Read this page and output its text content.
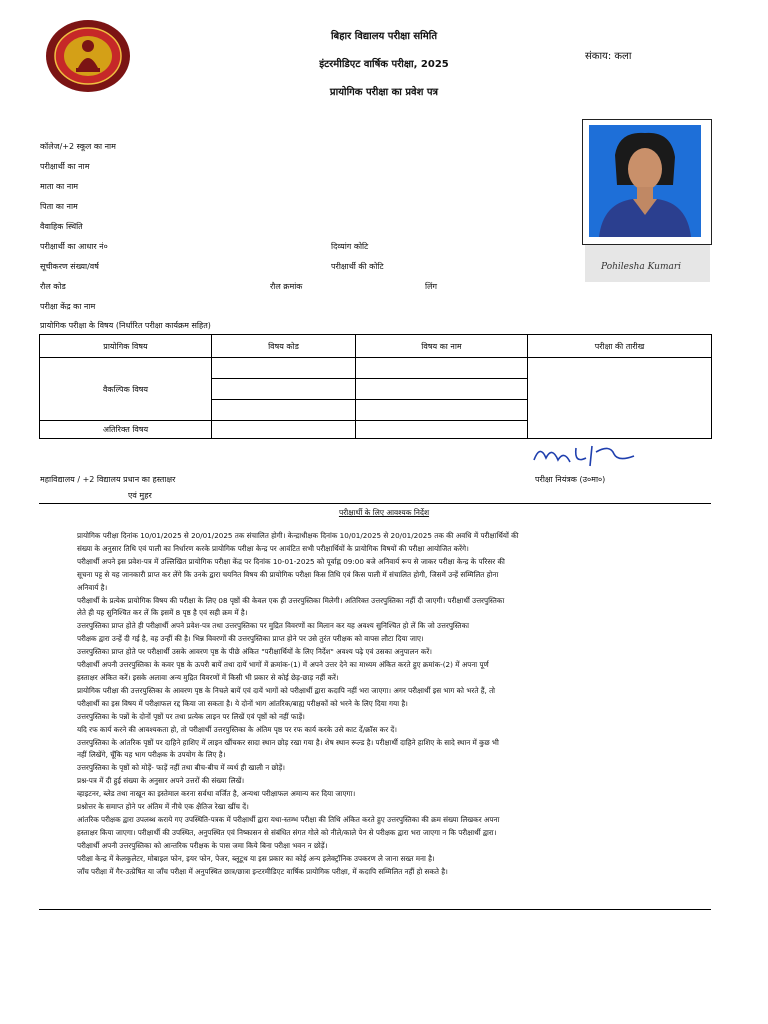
बिहार विद्यालय परीक्षा समिति
इंटरमीडिएट वार्षिक परीक्षा, 2025
प्रायोगिक परीक्षा का प्रवेश पत्र
संकाय: कला
Pohilesha Kumari
कॉलेज/+2 स्कूल का नाम
परीक्षार्थी का नाम
माता का नाम
पिता का नाम
वैवाहिक स्थिति
परीक्षार्थी का आधार नं०	दिव्यांग कोटि
सूचीकरण संख्या/वर्ष	परीक्षार्थी की कोटि
रौल कोड	रौल क्रमांक	लिंग
परीक्षा केंद्र का नाम
प्रायोगिक परीक्षा के विषय (निर्धारित परीक्षा कार्यक्रम सहित)
प्रायोगिक विषय	विषय कोड	विषय का नाम	परीक्षा की तारीख
वैकल्पिक विषय			

अतिरिक्त विषय			
महाविद्यालय / +2 विद्यालय प्रधान का हस्ताक्षर
एवं मुहर
मनोज कुमार
परीक्षा नियंत्रक (उ०मा०)
परीक्षार्थी के लिए आवश्यक निर्देश

प्रायोगिक परीक्षा दिनांक 10/01/2025 से 20/01/2025 तक संचालित होगी। केन्द्राधीक्षक दिनांक 10/01/2025 से 20/01/2025 तक की अवधि में परीक्षार्थियों की

संख्या के अनुसार तिथि एवं पाली का निर्धारण करके प्रायोगिक परीक्षा केन्द्र पर आवंटित सभी परीक्षार्थियों के प्रायोगिक विषयों की परीक्षा आयोजित करेंगे।

परीक्षार्थी अपने इस प्रवेश-पत्र में उल्लिखित प्रायोगिक परीक्षा केंद्र पर दिनांक 10-01-2025 को पूर्वाह्न 09:00 बजे अनिवार्य रूप से जाकर परीक्षा केन्द्र के परिसर की

सूचना पट्ट से यह जानकारी प्राप्त कर लेंगे कि उनके द्वारा चयनित विषय की प्रायोगिक परीक्षा किस तिथि एवं किस पाली में संचालित होगी, जिसमें उन्हें सम्मिलित होना

अनिवार्य है।

परीक्षार्थी के प्रत्येक प्रायोगिक विषय की परीक्षा के लिए 08 पृष्ठों की केवल एक ही उत्तरपुस्तिका मिलेगी। अतिरिक्त उत्तरपुस्तिका नहीं दी जाएगी। परीक्षार्थी उत्तरपुस्तिका

लेते ही यह सुनिश्चित कर लें कि इसमें 8 पृष्ठ है एवं सही क्रम में है।

उत्तरपुस्तिका प्राप्त होते ही परीक्षार्थी अपने प्रवेश-पत्र तथा उत्तरपुस्तिका पर मुद्रित विवरणों का मिलान कर यह अवश्य सुनिश्चित हो लें कि जो उत्तरपुस्तिका

परीक्षक द्वारा उन्हें दी गई है, वह उन्हीं की है। भिन्न विवरणों की उत्तरपुस्तिका प्राप्त होने पर उसे तुरंत परीक्षक को वापस लौटा दिया जाए।

उत्तरपुस्तिका प्राप्त होते पर परीक्षार्थी उसके आवरण पृष्ठ के पीछे अंकित "परीक्षार्थियों के लिए निर्देश" अवश्य पढ़े एवं उसका अनुपालन करें।

परीक्षार्थी अपनी उत्तरपुस्तिका के कवर पृष्ठ के ऊपरी बायें तथा दायें भागों में क्रमांक-(1) में अपने उत्तर देने का माध्यम अंकित करते हुए क्रमांक-(2) में अपना पूर्ण

हस्ताक्षर अंकित करें। इसके अलावा अन्य मुद्रित विवरणों में किसी भी प्रकार से कोई छेड़-छाड़ नहीं करें।

प्रायोगिक परीक्षा की उत्तरपुस्तिका के आवरण पृष्ठ के निचले बायें एवं दायें भागों को परीक्षार्थी द्वारा कदापि नहीं भरा जाएगा। अगर परीक्षार्थी इस भाग को भरते हैं, तो

परीक्षार्थी का इस विषय में परीक्षाफल रद्द किया जा सकता है। ये दोनों भाग आंतरिक/बाह्य परीक्षकों को भरने के लिए दिया गया है।

उत्तरपुस्तिका के पन्नों के दोनों पृष्ठों पर तथा प्रत्येक लाइन पर लिखें एवं पृष्ठों को नहीं फाड़ें।

यदि रफ कार्य करने की आवश्यकता हो, तो परीक्षार्थी उत्तरपुस्तिका के अंतिम पृष्ठ पर रफ कार्य करके उसे काट दें/क्रॉस कर दें।

उत्तरपुस्तिका के आंतरिक पृष्ठों पर दाहिने हाशिए में लाइन खींचकर सादा स्थान छोड़ रखा गया है। शेष स्थान रूल्ड है। परीक्षार्थी दाहिने हाशिए के सादे स्थान में कुछ भी

नहीं लिखेंगे, चूँकि यह भाग परीक्षक के उपयोग के लिए है।

उत्तरपुस्तिका के पृष्ठों को मोड़ें- फाड़ें नहीं तथा बीच-बीच में व्यर्थ ही खाली न छोड़ें।

प्रश्न-पत्र में दी हुई संख्या के अनुसार अपने उत्तरों की संख्या लिखें।

व्हाइटनर, ब्लेड तथा नाखून का इस्तेमाल करना सर्वथा वर्जित है, अन्यथा परीक्षाफल अमान्य कर दिया जाएगा।

प्रश्नोत्तर के समाप्त होने पर अंतिम में नीचे एक क्षैतिज रेखा खींच दें।

आंतरिक परीक्षक द्वारा उपलब्ध कराये गए उपस्थिति-पत्रक में परीक्षार्थी द्वारा यथा-स्तम्भ परीक्षा की तिथि अंकित करते हुए उत्तरपुस्तिका की क्रम संख्या लिखकर अपना

हस्ताक्षर किया जाएगा। परीक्षार्थी की उपस्थित, अनुपस्थित एवं निष्कासन से संबंधित संगत गोले को नीले/काले पेन से परीक्षक द्वारा भरा जाएगा न कि परीक्षार्थी द्वारा।

परीक्षार्थी अपनी उत्तरपुस्तिका को आन्तरिक परीक्षक के पास जमा किये बिना परीक्षा भवन न छोड़ें।

परीक्षा केन्द्र में केलकुलेटर, मोबाइल फोन, इयर फोन, पेजर, ब्लूटूथ या इस प्रकार का कोई अन्य इलेक्ट्रॉनिक उपकरण ले जाना सख्त मना है।

जाँच परीक्षा में गैर-उत्प्रेषित या जाँच परीक्षा में अनुपस्थित छात्र/छात्रा इन्टरमीडिएट वार्षिक प्रायोगिक परीक्षा, में कदापि सम्मिलित नहीं हो सकते है।
